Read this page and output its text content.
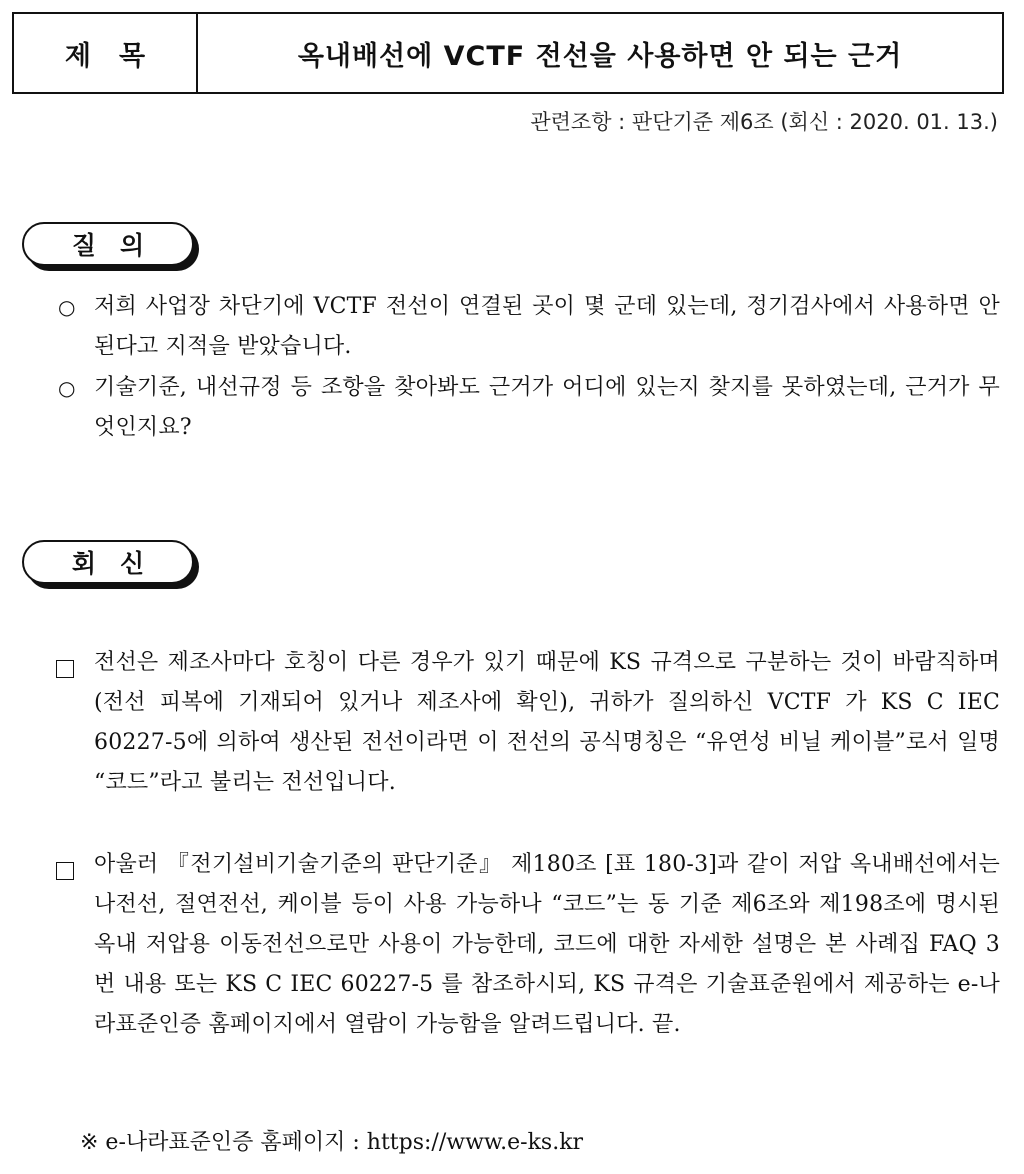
제목	옥내배선에 VCTF 전선을 사용하면 안 되는 근거
관련조항 : 판단기준 제6조 (회신 : 2020. 01. 13.)
질의
○ 저희 사업장 차단기에 VCTF 전선이 연결된 곳이 몇 군데 있는데, 정기검사에서 사용하면 안 된다고 지적을 받았습니다.
○ 기술기준, 내선규정 등 조항을 찾아봐도 근거가 어디에 있는지 찾지를 못하였는데, 근거가 무엇인지요?
회신
전선은 제조사마다 호칭이 다른 경우가 있기 때문에 KS 규격으로 구분하는 것이 바람직하며(전선 피복에 기재되어 있거나 제조사에 확인), 귀하가 질의하신 VCTF 가 KS C IEC 60227-5에 의하여 생산된 전선이라면 이 전선의 공식명칭은 “유연성 비닐 케이블”로서 일명 “코드”라고 불리는 전선입니다.
아울러 『전기설비기술기준의 판단기준』 제180조 [표 180-3]과 같이 저압 옥내배선에서는 나전선, 절연전선, 케이블 등이 사용 가능하나 “코드”는 동 기준 제6조와 제198조에 명시된 옥내 저압용 이동전선으로만 사용이 가능한데, 코드에 대한 자세한 설명은 본 사례집 FAQ 3번 내용 또는 KS C IEC 60227-5 를 참조하시되, KS 규격은 기술표준원에서 제공하는 e-나라표준인증 홈페이지에서 열람이 가능함을 알려드립니다. 끝.
※ e-나라표준인증 홈페이지 : https://www.e-ks.kr
